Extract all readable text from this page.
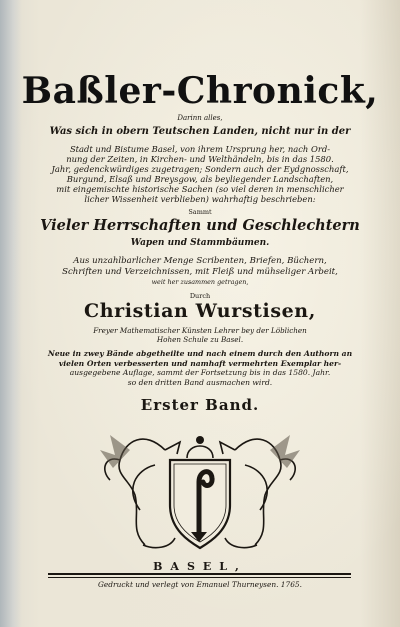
Baßler-Chronick,
Darinn alles,
Was sich in obern Teutschen Landen, nicht nur in der
Stadt und Bistume Basel, von ihrem Ursprung her, nach Ord-
nung der Zeiten, in Kirchen- und Welthändeln, bis in das 1580.
Jahr, gedenckwürdiges zugetragen; Sondern auch der Eydgnosschaft,
Burgund, Elsaß und Breysgow, als beyliegender Landschaften,
mit eingemischte historische Sachen (so viel deren in menschlicher
licher Wissenheit verblieben) wahrhaftig beschrieben:
Sammt
Vieler Herrschaften und Geschlechtern
Wapen und Stammbäumen.
Aus unzahlbarlicher Menge Scribenten, Briefen, Büchern,
Schriften und Verzeichnissen, mit Fleiß und mühseliger Arbeit,
weit her zusammen getragen,
Durch
Christian Wurstisen,
Freyer Mathematischer Künsten Lehrer bey der Löblichen
Hohen Schule zu Basel.
Neue in zwey Bände abgetheilte und nach einem durch den Authorn an
vielen Orten verbesserten und namhaft vermehrten Exemplar her-
ausgegebene Auflage, sammt der Fortsetzung bis in das 1580. Jahr.
so den dritten Band ausmachen wird.
Erster Band.
BASEL,
Gedruckt und verlegt von Emanuel Thurneysen. 1765.
